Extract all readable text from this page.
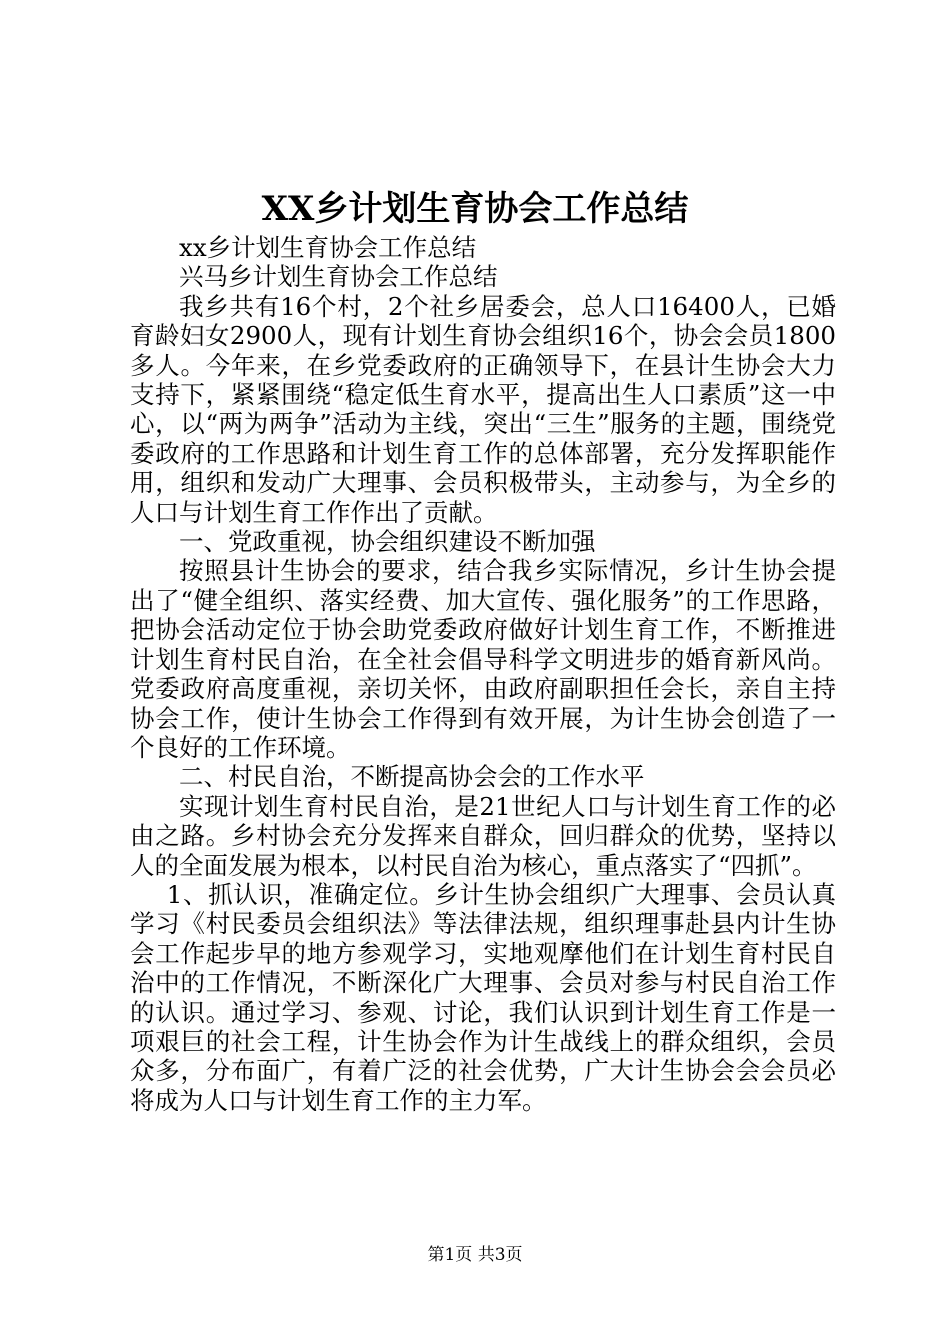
XX乡计划生育协会工作总结

xx乡计划生育协会工作总结

兴马乡计划生育协会工作总结

我乡共有16个村，2个社乡居委会，总人口16400人，已婚育龄妇女2900人，现有计划生育协会组织16个，协会会员1800多人。今年来，在乡党委政府的正确领导下，在县计生协会大力支持下，紧紧围绕“稳定低生育水平，提高出生人口素质”这一中心，以“两为两争”活动为主线，突出“三生”服务的主题，围绕党委政府的工作思路和计划生育工作的总体部署，充分发挥职能作用，组织和发动广大理事、会员积极带头，主动参与，为全乡的人口与计划生育工作作出了贡献。

一、党政重视，协会组织建设不断加强

按照县计生协会的要求，结合我乡实际情况，乡计生协会提出了“健全组织、落实经费、加大宣传、强化服务”的工作思路，把协会活动定位于协会助党委政府做好计划生育工作，不断推进计划生育村民自治，在全社会倡导科学文明进步的婚育新风尚。党委政府高度重视，亲切关怀，由政府副职担任会长，亲自主持协会工作，使计生协会工作得到有效开展，为计生协会创造了一个良好的工作环境。

二、村民自治，不断提高协会会的工作水平

实现计划生育村民自治，是21世纪人口与计划生育工作的必由之路。乡村协会充分发挥来自群众，回归群众的优势，坚持以人的全面发展为根本，以村民自治为核心，重点落实了“四抓”。

1、抓认识，准确定位。乡计生协会组织广大理事、会员认真学习《村民委员会组织法》等法律法规，组织理事赴县内计生协会工作起步早的地方参观学习，实地观摩他们在计划生育村民自治中的工作情况，不断深化广大理事、会员对参与村民自治工作的认识。通过学习、参观、讨论，我们认识到计划生育工作是一项艰巨的社会工程，计生协会作为计生战线上的群众组织，会员众多，分布面广，有着广泛的社会优势，广大计生协会会会员必将成为人口与计划生育工作的主力军。

第1页 共3页
